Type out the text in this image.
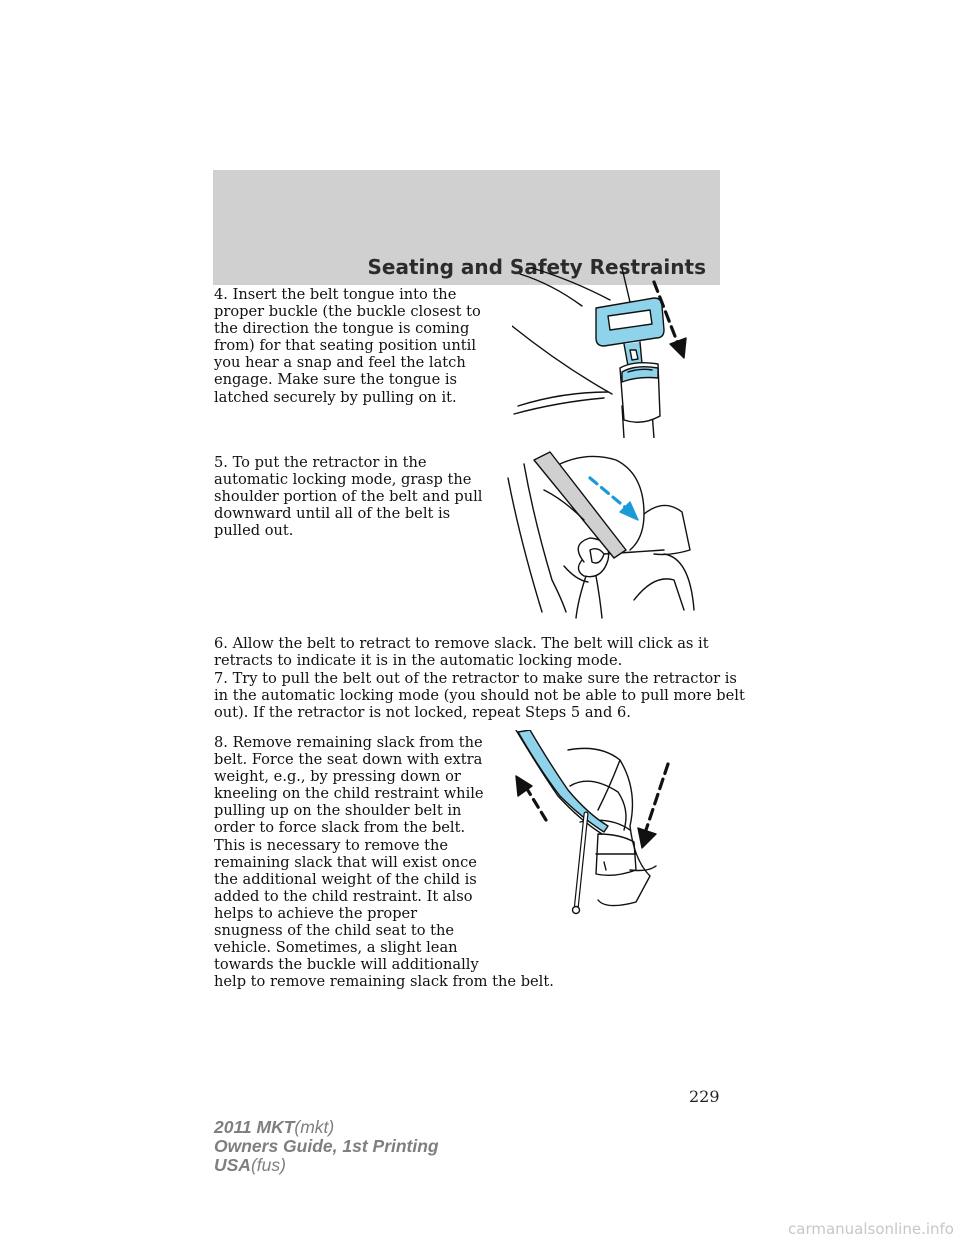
Seating and Safety Restraints

4. Insert the belt tongue into the
proper buckle (the buckle closest to
the direction the tongue is coming
from) for that seating position until
you hear a snap and feel the latch
engage. Make sure the tongue is
latched securely by pulling on it.

5. To put the retractor in the
automatic locking mode, grasp the
shoulder portion of the belt and pull
downward until all of the belt is
pulled out.

6. Allow the belt to retract to remove slack. The belt will click as it
retracts to indicate it is in the automatic locking mode.

7. Try to pull the belt out of the retractor to make sure the retractor is
in the automatic locking mode (you should not be able to pull more belt
out). If the retractor is not locked, repeat Steps 5 and 6.

8. Remove remaining slack from the
belt. Force the seat down with extra
weight, e.g., by pressing down or
kneeling on the child restraint while
pulling up on the shoulder belt in
order to force slack from the belt.
This is necessary to remove the
remaining slack that will exist once
the additional weight of the child is
added to the child restraint. It also
helps to achieve the proper
snugness of the child seat to the
vehicle. Sometimes, a slight lean
towards the buckle will additionally
help to remove remaining slack from the belt.

229
2011 MKT(mkt)
Owners Guide, 1st Printing
USA(fus)
carmanualsonline.info
